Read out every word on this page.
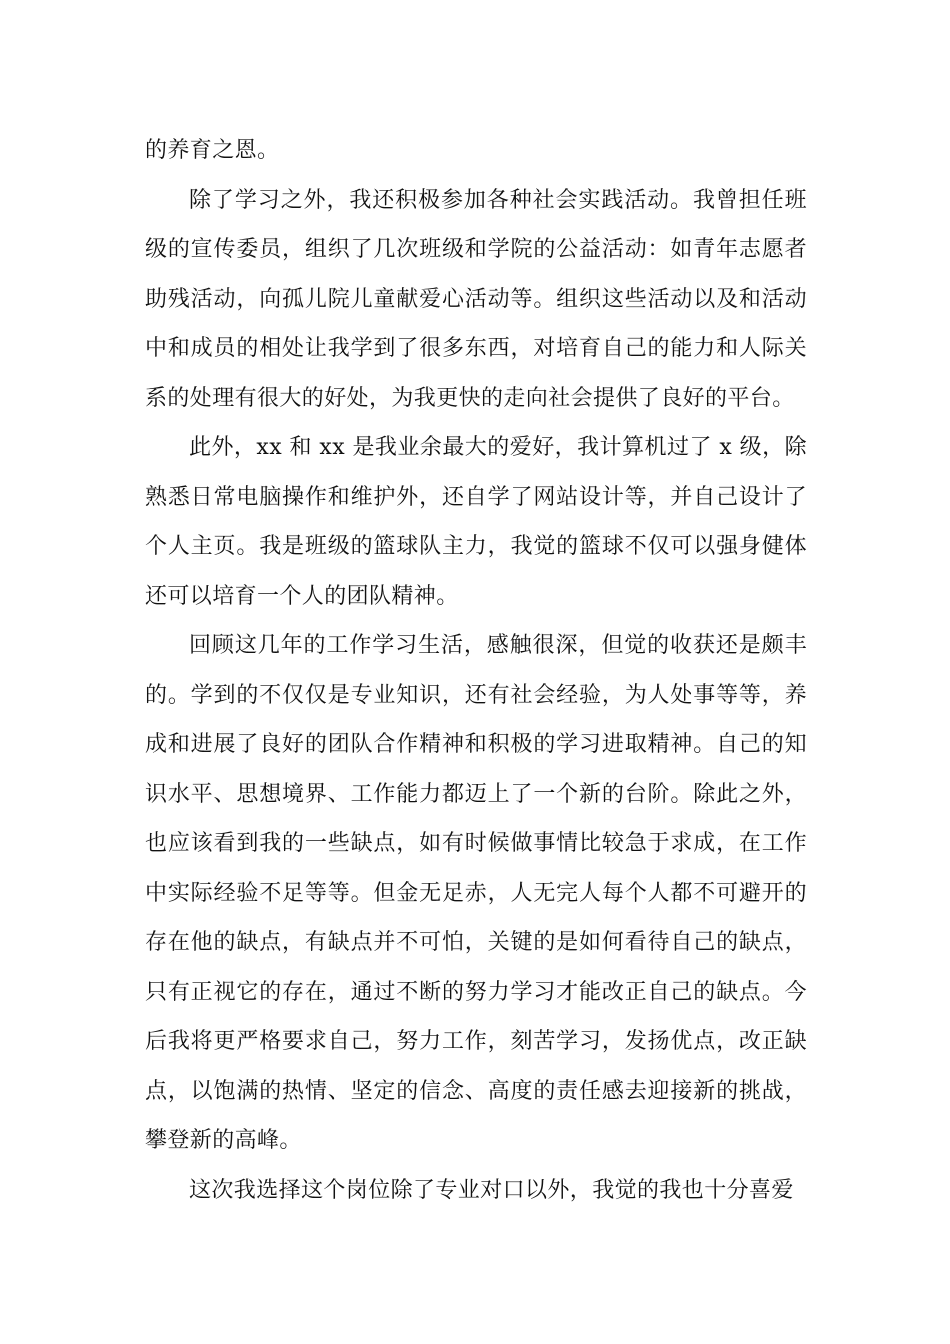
的养育之恩。

除了学习之外，我还积极参加各种社会实践活动。我曾担任班级的宣传委员，组织了几次班级和学院的公益活动：如青年志愿者助残活动，向孤儿院儿童献爱心活动等。组织这些活动以及和活动中和成员的相处让我学到了很多东西，对培育自己的能力和人际关系的处理有很大的好处，为我更快的走向社会提供了良好的平台。

此外，xx 和 xx 是我业余最大的爱好，我计算机过了 x 级，除熟悉日常电脑操作和维护外，还自学了网站设计等，并自己设计了个人主页。我是班级的篮球队主力，我觉的篮球不仅可以强身健体还可以培育一个人的团队精神。

回顾这几年的工作学习生活，感触很深，但觉的收获还是颇丰的。学到的不仅仅是专业知识，还有社会经验，为人处事等等，养成和进展了良好的团队合作精神和积极的学习进取精神。自己的知识水平、思想境界、工作能力都迈上了一个新的台阶。除此之外，也应该看到我的一些缺点，如有时候做事情比较急于求成，在工作中实际经验不足等等。但金无足赤，人无完人每个人都不可避开的存在他的缺点，有缺点并不可怕，关键的是如何看待自己的缺点，只有正视它的存在，通过不断的努力学习才能改正自己的缺点。今后我将更严格要求自己，努力工作，刻苦学习，发扬优点，改正缺点，以饱满的热情、坚定的信念、高度的责任感去迎接新的挑战，攀登新的高峰。

这次我选择这个岗位除了专业对口以外，我觉的我也十分喜爱
